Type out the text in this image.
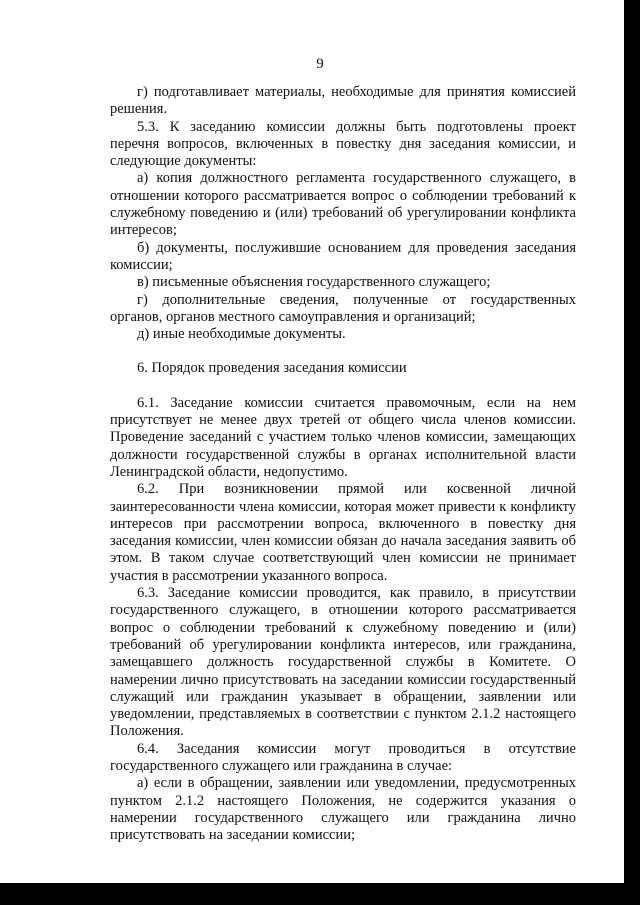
9

г) подготавливает материалы, необходимые для принятия комиссией решения.

5.3. К заседанию комиссии должны быть подготовлены проект перечня вопросов, включенных в повестку дня заседания комиссии, и следующие документы:

а) копия должностного регламента государственного служащего, в отношении которого рассматривается вопрос о соблюдении требований к служебному поведению и (или) требований об урегулировании конфликта интересов;

б) документы, послужившие основанием для проведения заседания комиссии;

в) письменные объяснения государственного служащего;

г) дополнительные сведения, полученные от государственных органов, органов местного самоуправления и организаций;

д) иные необходимые документы.

6. Порядок проведения заседания комиссии

6.1. Заседание комиссии считается правомочным, если на нем присутствует не менее двух третей от общего числа членов комиссии. Проведение заседаний с участием только членов комиссии, замещающих должности государственной службы в органах исполнительной власти Ленинградской области, недопустимо.

6.2. При возникновении прямой или косвенной личной заинтересованности члена комиссии, которая может привести к конфликту интересов при рассмотрении вопроса, включенного в повестку дня заседания комиссии, член комиссии обязан до начала заседания заявить об этом. В таком случае соответствующий член комиссии не принимает участия в рассмотрении указанного вопроса.

6.3. Заседание комиссии проводится, как правило, в присутствии государственного служащего, в отношении которого рассматривается вопрос о соблюдении требований к служебному поведению и (или) требований об урегулировании конфликта интересов, или гражданина, замещавшего должность государственной службы в Комитете. О намерении лично присутствовать на заседании комиссии государственный служащий или гражданин указывает в обращении, заявлении или уведомлении, представляемых в соответствии с пунктом 2.1.2 настоящего Положения.

6.4. Заседания комиссии могут проводиться в отсутствие государственного служащего или гражданина в случае:

а) если в обращении, заявлении или уведомлении, предусмотренных пунктом 2.1.2 настоящего Положения, не содержится указания о намерении государственного служащего или гражданина лично присутствовать на заседании комиссии;
